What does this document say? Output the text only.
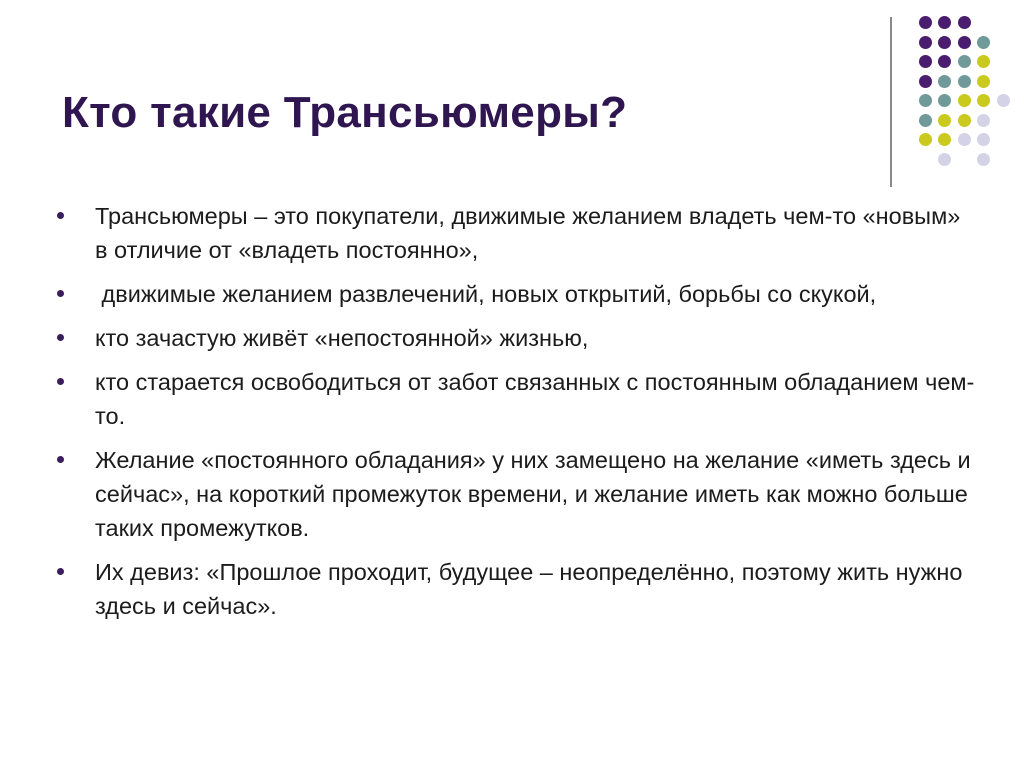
Кто такие Трансьюмеры?
Трансьюмеры – это покупатели, движимые желанием владеть чем-то «новым» в отличие от «владеть постоянно»,
движимые желанием развлечений, новых открытий, борьбы со скукой,
кто зачастую живёт «непостоянной» жизнью,
кто старается освободиться от забот связанных с постоянным обладанием чем-то.
Желание «постоянного обладания» у них замещено на желание «иметь здесь и сейчас», на короткий промежуток времени, и желание иметь как можно больше таких промежутков.
Их девиз: «Прошлое проходит, будущее – неопределённо, поэтому жить нужно здесь и сейчас».
